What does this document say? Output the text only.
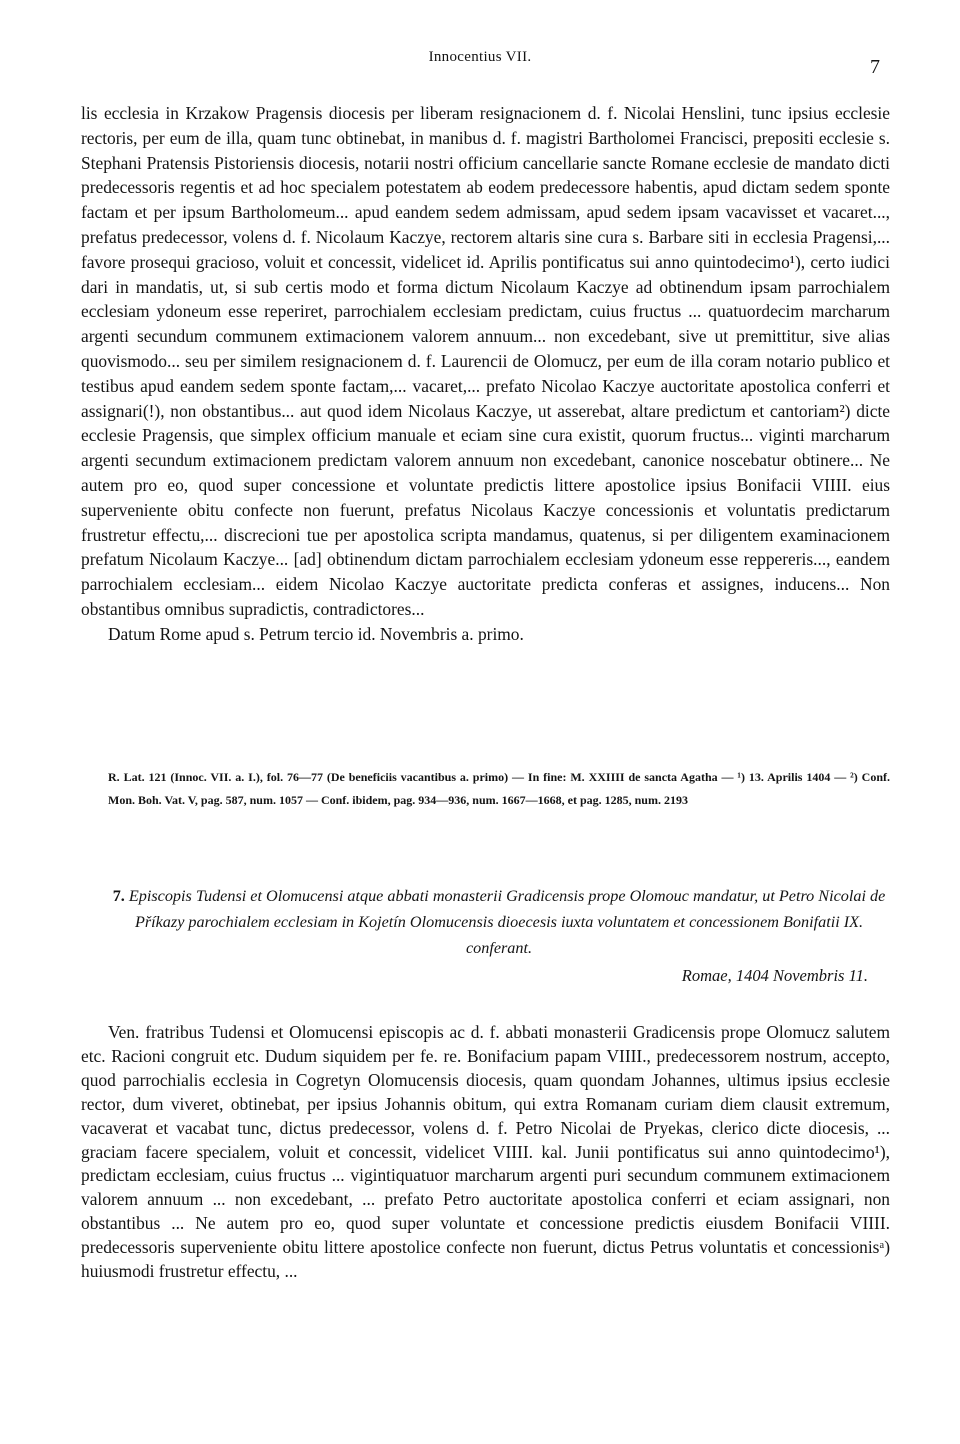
Innocentius VII.	7

lis ecclesia in Krzakow Pragensis diocesis per liberam resignacionem d. f. Nicolai Henslini, tunc ipsius ecclesie rectoris, per eum de illa, quam tunc obtinebat, in manibus d. f. magistri Bartholomei Francisci, prepositi ecclesie s. Stephani Pratensis Pistoriensis diocesis, notarii nostri officium cancellarie sancte Romane ecclesie de mandato dicti predecessoris regentis et ad hoc specialem potestatem ab eodem predecessore habentis, apud dictam sedem sponte factam et per ipsum Bartholomeum... apud eandem sedem admissam, apud sedem ipsam vacavisset et vacaret..., prefatus predecessor, volens d. f. Nicolaum Kaczye, rectorem altaris sine cura s. Barbare siti in ecclesia Pragensi,... favore prosequi gracioso, voluit et concessit, videlicet id. Aprilis pontificatus sui anno quintodecimo¹), certo iudici dari in mandatis, ut, si sub certis modo et forma dictum Nicolaum Kaczye ad obtinendum ipsam parrochialem ecclesiam ydoneum esse reperiret, parrochialem ecclesiam predictam, cuius fructus ... quatuordecim marcharum argenti secundum communem extimacionem valorem annuum... non excedebant, sive ut premittitur, sive alias quovismodo... seu per similem resignacionem d. f. Laurencii de Olomucz, per eum de illa coram notario publico et testibus apud eandem sedem sponte factam,... vacaret,... prefato Nicolao Kaczye auctoritate apostolica conferri et assignari(!), non obstantibus... aut quod idem Nicolaus Kaczye, ut asserebat, altare predictum et cantoriam²) dicte ecclesie Pragensis, que simplex officium manuale et eciam sine cura existit, quorum fructus... viginti marcharum argenti secundum extimacionem predictam valorem annuum non excedebant, canonice noscebatur obtinere... Ne autem pro eo, quod super concessione et voluntate predictis littere apostolice ipsius Bonifacii VIIII. eius superveniente obitu confecte non fuerunt, prefatus Nicolaus Kaczye concessionis et voluntatis predictarum frustretur effectu,... discrecioni tue per apostolica scripta mandamus, quatenus, si per diligentem examinacionem prefatum Nicolaum Kaczye... [ad] obtinendum dictam parrochialem ecclesiam ydoneum esse reppereris..., eandem parrochialem ecclesiam... eidem Nicolao Kaczye auctoritate predicta conferas et assignes, inducens... Non obstantibus omnibus supradictis, contradictores...

Datum Rome apud s. Petrum tercio id. Novembris a. primo.

R. Lat. 121 (Innoc. VII. a. I.), fol. 76—77 (De beneficiis vacantibus a. primo) — In fine: M. XXIIII de sancta Agatha — ¹) 13. Aprilis 1404 — ²) Conf. Mon. Boh. Vat. V, pag. 587, num. 1057 — Conf. ibidem, pag. 934—936, num. 1667—1668, et pag. 1285, num. 2193

7. Episcopis Tudensi et Olomucensi atque abbati monasterii Gradicensis prope Olomouc mandatur, ut Petro Nicolai de Příkazy parochialem ecclesiam in Kojetín Olomucensis dioecesis iuxta voluntatem et concessionem Bonifatii IX. conferant.
Romae, 1404 Novembris 11.

Ven. fratribus Tudensi et Olomucensi episcopis ac d. f. abbati monasterii Gradicensis prope Olomucz salutem etc. Racioni congruit etc. Dudum siquidem per fe. re. Bonifacium papam VIIII., predecessorem nostrum, accepto, quod parrochialis ecclesia in Cogretyn Olomucensis diocesis, quam quondam Johannes, ultimus ipsius ecclesie rector, dum viveret, obtinebat, per ipsius Johannis obitum, qui extra Romanam curiam diem clausit extremum, vacaverat et vacabat tunc, dictus predecessor, volens d. f. Petro Nicolai de Pryekas, clerico dicte diocesis, ... graciam facere specialem, voluit et concessit, videlicet VIIII. kal. Junii pontificatus sui anno quintodecimo¹), predictam ecclesiam, cuius fructus ... vigintiquatuor marcharum argenti puri secundum communem extimacionem valorem annuum ... non excedebant, ... prefato Petro auctoritate apostolica conferri et eciam assignari, non obstantibus ... Ne autem pro eo, quod super voluntate et concessione predictis eiusdem Bonifacii VIIII. predecessoris superveniente obitu littere apostolice confecte non fuerunt, dictus Petrus voluntatis et concessionisᵃ) huiusmodi frustretur effectu, ...
